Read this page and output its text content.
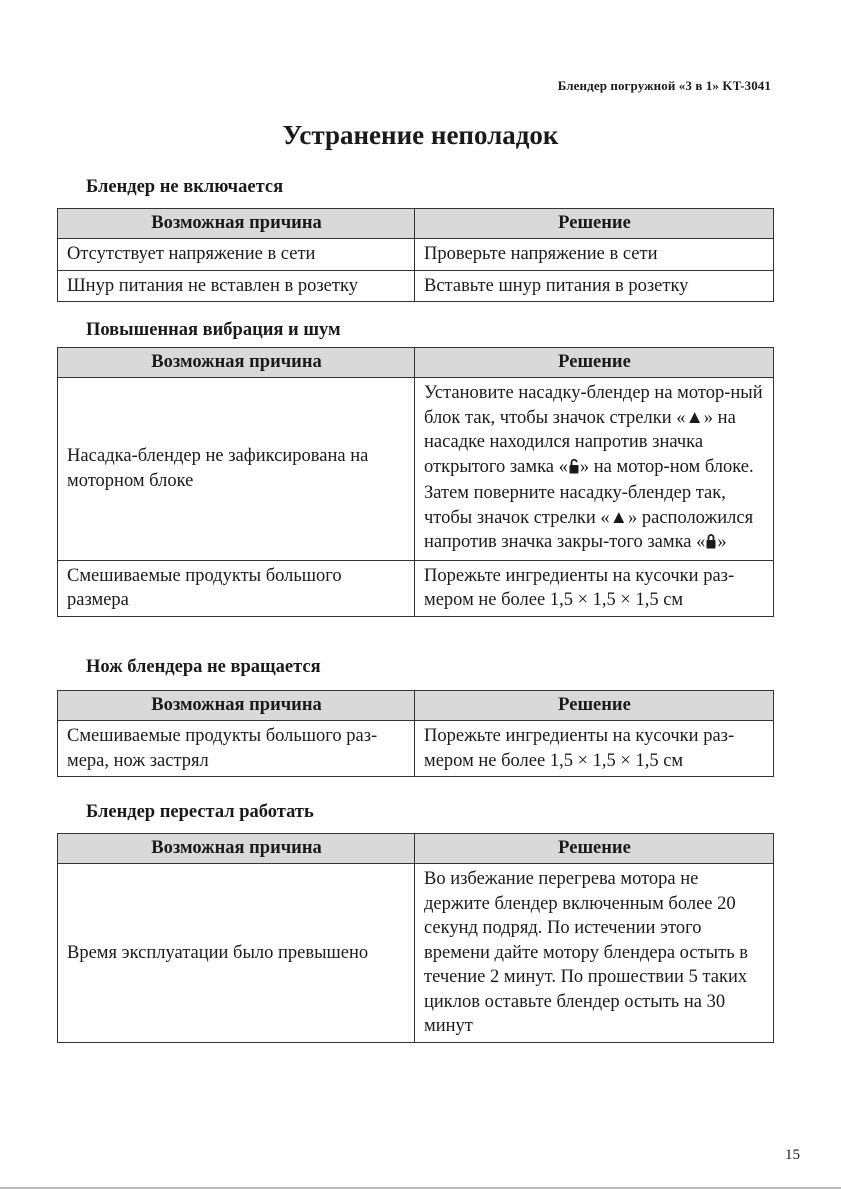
Блендер погружной «3 в 1» KT-3041
Устранение неполадок
Блендер не включается
Возможная причина	Решение
Отсутствует напряжение в сети	Проверьте напряжение в сети
Шнур питания не вставлен в розетку	Вставьте шнур питания в розетку
Повышенная вибрация и шум
Возможная причина	Решение
Насадка-блендер не зафиксирована на моторном блоке	Установите насадку-блендер на мотор-ный блок так, чтобы значок стрелки «▲» на насадке находился напротив значка открытого замка « » на мотор-ном блоке. Затем поверните насадку-блендер так, чтобы значок стрелки «▲» расположился напротив значка закры-того замка « »
Смешиваемые продукты большого размера	Порежьте ингредиенты на кусочки раз-мером не более 1,5 × 1,5 × 1,5 см
Нож блендера не вращается
Возможная причина	Решение
Смешиваемые продукты большого раз-мера, нож застрял	Порежьте ингредиенты на кусочки раз-мером не более 1,5 × 1,5 × 1,5 см
Блендер перестал работать
Возможная причина	Решение
Время эксплуатации было превышено	Во избежание перегрева мотора не держите блендер включенным более 20 секунд подряд. По истечении этого времени дайте мотору блендера остыть в течение 2 минут. По прошествии 5 таких циклов оставьте блендер остыть на 30 минут
15
